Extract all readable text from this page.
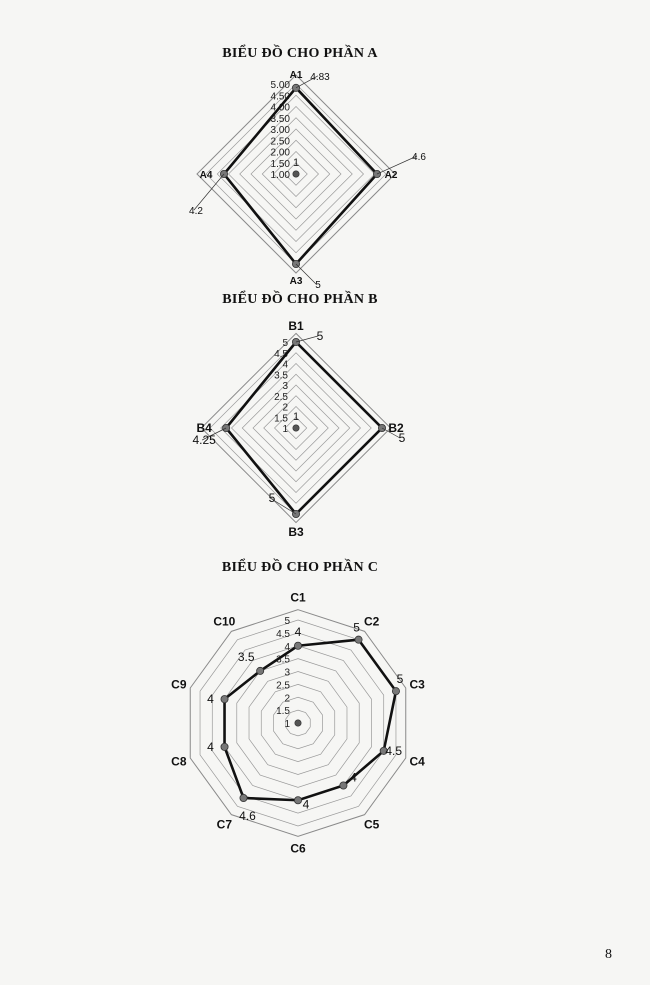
BIỂU ĐỒ CHO PHẦN A
1.00
1.50
2.00
2.50
3.00
3.50
4.00
4.50
5.00
1
A1 4.83
A2
4.6
A3 5
A4
4.2
BIỂU ĐỒ CHO PHẦN B
1
1.5
2
2.5
3
3.5
4
4.5
5
1
B1
5
B2
5
B3
5
B4
4.25
BIỂU ĐỒ CHO PHẦN C
1
1.5
2
2.5
3
3.5
4
4.5
5
C1
4
C2
5
C3
5
C4
4.5
C5
4
C6
4
C7
4.6
C8
4
C9
4
C10
3.5
8
